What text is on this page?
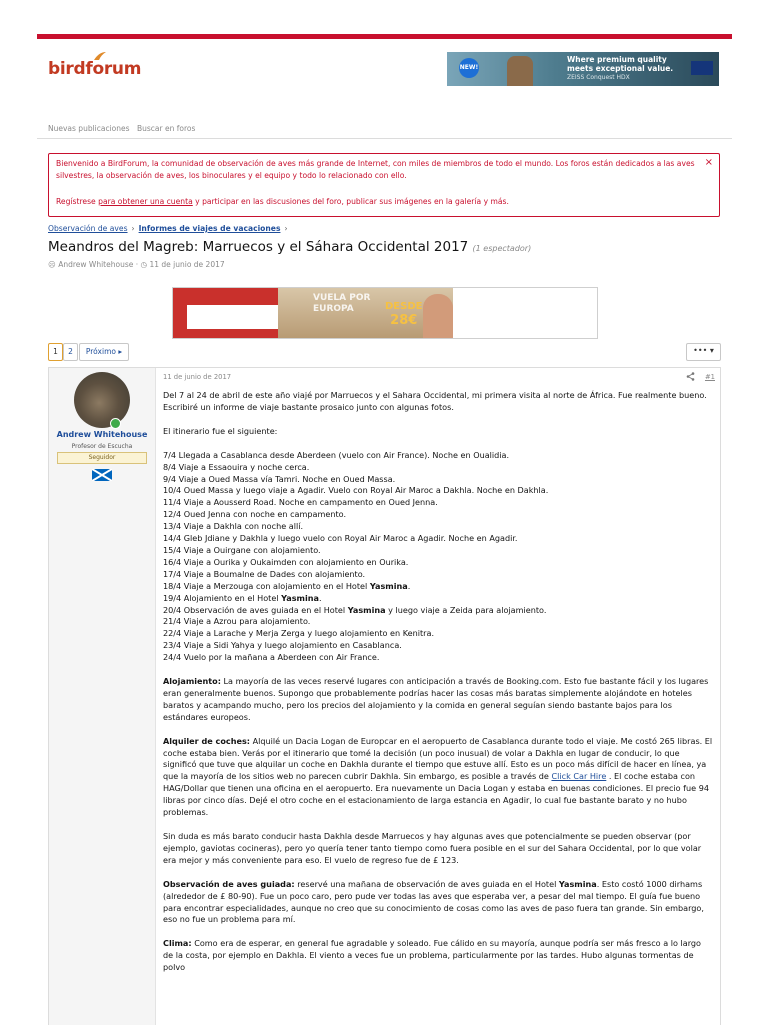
birdforum	NEW!
Where premium quality
meets exceptional value.
ZEISS Conquest HDX
Nuevas publicaciones Buscar en foros

Bienvenido a BirdForum, la comunidad de observación de aves más grande de Internet, con miles de miembros de todo el mundo. Los foros están dedicados a las aves silvestres, la observación de aves, los binoculares y el equipo y todo lo relacionado con ello.

Regístrese para obtener una cuenta y participar en las discusiones del foro, publicar sus imágenes en la galería y más.

×
Observación de aves › Informes de viajes de vacaciones ›
Meandros del Magreb: Marruecos y el Sáhara Occidental 2017 (1 espectador)
☹ Andrew Whitehouse · ◷ 11 de junio de 2017
VUELA POR EUROPA	DESDE
28€
1	2	Próximo ▸	••• ▾
Andrew Whitehouse
Profesor de Escucha
Seguidor
11 de junio de 2017	#1

Del 7 al 24 de abril de este año viajé por Marruecos y el Sahara Occidental, mi primera visita al norte de África. Fue realmente bueno. Escribiré un informe de viaje bastante prosaico junto con algunas fotos.

El itinerario fue el siguiente:

7/4 Llegada a Casablanca desde Aberdeen (vuelo con Air France). Noche en Oualidia.
8/4 Viaje a Essaouira y noche cerca.
9/4 Viaje a Oued Massa vía Tamri. Noche en Oued Massa.
10/4 Oued Massa y luego viaje a Agadir. Vuelo con Royal Air Maroc a Dakhla. Noche en Dakhla.
11/4 Viaje a Aousserd Road. Noche en campamento en Oued Jenna.
12/4 Oued Jenna con noche en campamento.
13/4 Viaje a Dakhla con noche allí.
14/4 Gleb Jdiane y Dakhla y luego vuelo con Royal Air Maroc a Agadir. Noche en Agadir.
15/4 Viaje a Ouirgane con alojamiento.
16/4 Viaje a Ourika y Oukaimden con alojamiento en Ourika.
17/4 Viaje a Boumalne de Dades con alojamiento.
18/4 Viaje a Merzouga con alojamiento en el Hotel Yasmina.
19/4 Alojamiento en el Hotel Yasmina.
20/4 Observación de aves guiada en el Hotel Yasmina y luego viaje a Zeida para alojamiento.
21/4 Viaje a Azrou para alojamiento.
22/4 Viaje a Larache y Merja Zerga y luego alojamiento en Kenitra.
23/4 Viaje a Sidi Yahya y luego alojamiento en Casablanca.
24/4 Vuelo por la mañana a Aberdeen con Air France.

Alojamiento: La mayoría de las veces reservé lugares con anticipación a través de Booking.com. Esto fue bastante fácil y los lugares eran generalmente buenos. Supongo que probablemente podrías hacer las cosas más baratas simplemente alojándote en hoteles baratos y acampando mucho, pero los precios del alojamiento y la comida en general seguían siendo bastante bajos para los estándares europeos.

Alquiler de coches: Alquilé un Dacia Logan de Europcar en el aeropuerto de Casablanca durante todo el viaje. Me costó 265 libras. El coche estaba bien. Verás por el itinerario que tomé la decisión (un poco inusual) de volar a Dakhla en lugar de conducir, lo que significó que tuve que alquilar un coche en Dakhla durante el tiempo que estuve allí. Esto es un poco más difícil de hacer en línea, ya que la mayoría de los sitios web no parecen cubrir Dakhla. Sin embargo, es posible a través de Click Car Hire . El coche estaba con HAG/Dollar que tienen una oficina en el aeropuerto. Era nuevamente un Dacia Logan y estaba en buenas condiciones. El precio fue 94 libras por cinco días. Dejé el otro coche en el estacionamiento de larga estancia en Agadir, lo cual fue bastante barato y no hubo problemas.

Sin duda es más barato conducir hasta Dakhla desde Marruecos y hay algunas aves que potencialmente se pueden observar (por ejemplo, gaviotas cocineras), pero yo quería tener tanto tiempo como fuera posible en el sur del Sahara Occidental, por lo que volar era mejor y más conveniente para eso. El vuelo de regreso fue de £ 123.

Observación de aves guiada: reservé una mañana de observación de aves guiada en el Hotel Yasmina. Esto costó 1000 dirhams (alrededor de £ 80-90). Fue un poco caro, pero pude ver todas las aves que esperaba ver, a pesar del mal tiempo. El guía fue bueno para encontrar especialidades, aunque no creo que su conocimiento de cosas como las aves de paso fuera tan grande. Sin embargo, eso no fue un problema para mí.

Clima: Como era de esperar, en general fue agradable y soleado. Fue cálido en su mayoría, aunque podría ser más fresco a lo largo de la costa, por ejemplo en Dakhla. El viento a veces fue un problema, particularmente por las tardes. Hubo algunas tormentas de polvo
